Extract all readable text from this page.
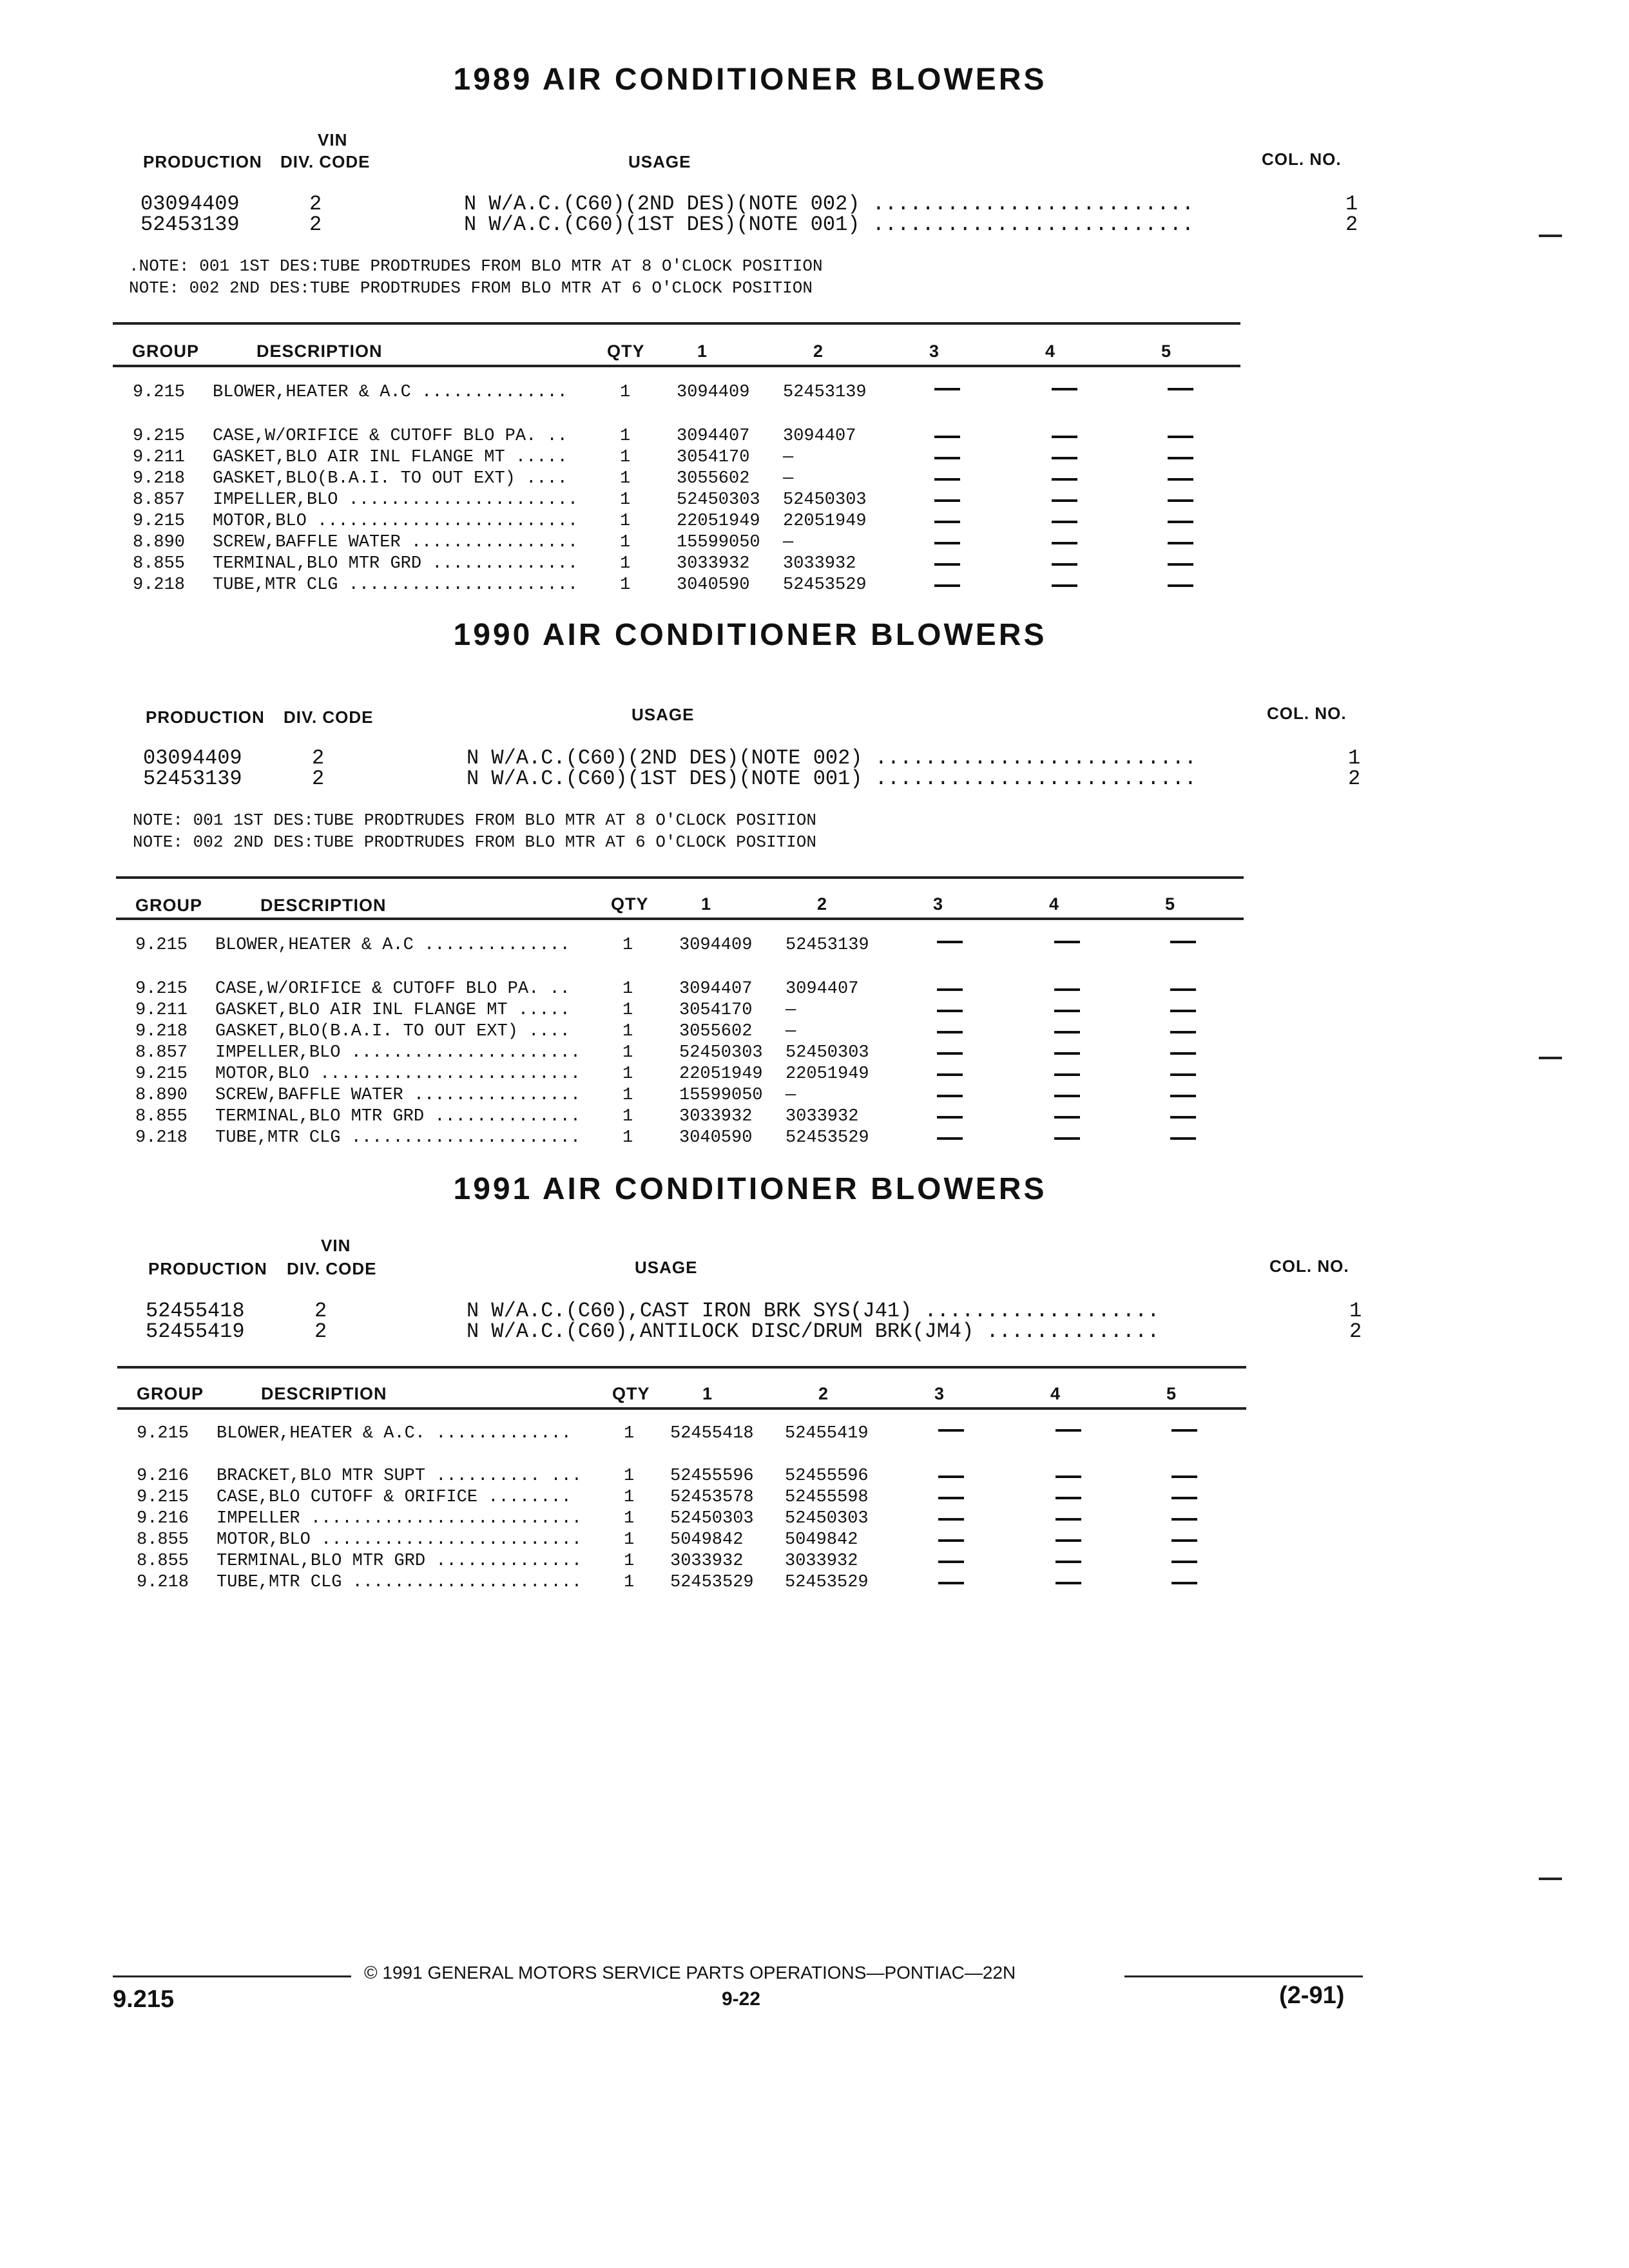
1989 AIR CONDITIONER BLOWERS
VIN
PRODUCTION DIV. CODE	USAGE	COL. NO.
03094409	2	N W/A.C.(C60)(2ND DES)(NOTE 002) ..........................	1
52453139	2	N W/A.C.(C60)(1ST DES)(NOTE 001) ..........................	2
.NOTE: 001 1ST DES:TUBE PRODTRUDES FROM BLO MTR AT 8 O'CLOCK POSITION
NOTE: 002 2ND DES:TUBE PRODTRUDES FROM BLO MTR AT 6 O'CLOCK POSITION
GROUP	DESCRIPTION	QTY	1	2	3	4	5
9.215 BLOWER,HEATER & A.C ..............	1	3094409 52453139
9.215 CASE,W/ORIFICE & CUTOFF BLO PA. ..	1	3094407 3094407
9.211 GASKET,BLO AIR INL FLANGE MT .....	1	3054170 —
9.218 GASKET,BLO(B.A.I. TO OUT EXT) ....	1	3055602 —
8.857 IMPELLER,BLO ......................	1	52450303 52450303
9.215 MOTOR,BLO .........................	1	22051949 22051949
8.890 SCREW,BAFFLE WATER ................	1	15599050 —
8.855 TERMINAL,BLO MTR GRD ..............	1	3033932 3033932
9.218 TUBE,MTR CLG ......................	1	3040590 52453529
1990 AIR CONDITIONER BLOWERS
PRODUCTION DIV. CODE	USAGE	COL. NO.
03094409	2	N W/A.C.(C60)(2ND DES)(NOTE 002) ..........................	1
52453139	2	N W/A.C.(C60)(1ST DES)(NOTE 001) ..........................	2
NOTE: 001 1ST DES:TUBE PRODTRUDES FROM BLO MTR AT 8 O'CLOCK POSITION
NOTE: 002 2ND DES:TUBE PRODTRUDES FROM BLO MTR AT 6 O'CLOCK POSITION
GROUP	DESCRIPTION	QTY	1	2	3	4	5
9.215 BLOWER,HEATER & A.C ..............	1	3094409 52453139
9.215 CASE,W/ORIFICE & CUTOFF BLO PA. ..	1	3094407 3094407
9.211 GASKET,BLO AIR INL FLANGE MT .....	1	3054170 —
9.218 GASKET,BLO(B.A.I. TO OUT EXT) ....	1	3055602 —
8.857 IMPELLER,BLO ......................	1	52450303 52450303
9.215 MOTOR,BLO .........................	1	22051949 22051949
8.890 SCREW,BAFFLE WATER ................	1	15599050 —
8.855 TERMINAL,BLO MTR GRD ..............	1	3033932 3033932
9.218 TUBE,MTR CLG ......................	1	3040590 52453529
1991 AIR CONDITIONER BLOWERS
VIN
PRODUCTION DIV. CODE	USAGE	COL. NO.
52455418	2	N W/A.C.(C60),CAST IRON BRK SYS(J41) ...................	1
52455419	2	N W/A.C.(C60),ANTILOCK DISC/DRUM BRK(JM4) ..............	2
GROUP	DESCRIPTION	QTY	1	2	3	4	5
9.215 BLOWER,HEATER & A.C. .............	1 52455418 52455419
9.216 BRACKET,BLO MTR SUPT .......... ...	1 52455596 52455596
9.215 CASE,BLO CUTOFF & ORIFICE ........	1 52453578 52455598
9.216 IMPELLER ..........................	1 52450303 52450303
8.855 MOTOR,BLO .........................	1 5049842 5049842
8.855 TERMINAL,BLO MTR GRD ..............	1 3033932 3033932
9.218 TUBE,MTR CLG ......................	1 52453529 52453529
© 1991 GENERAL MOTORS SERVICE PARTS OPERATIONS—PONTIAC—22N
9.215	9-22	(2-91)
